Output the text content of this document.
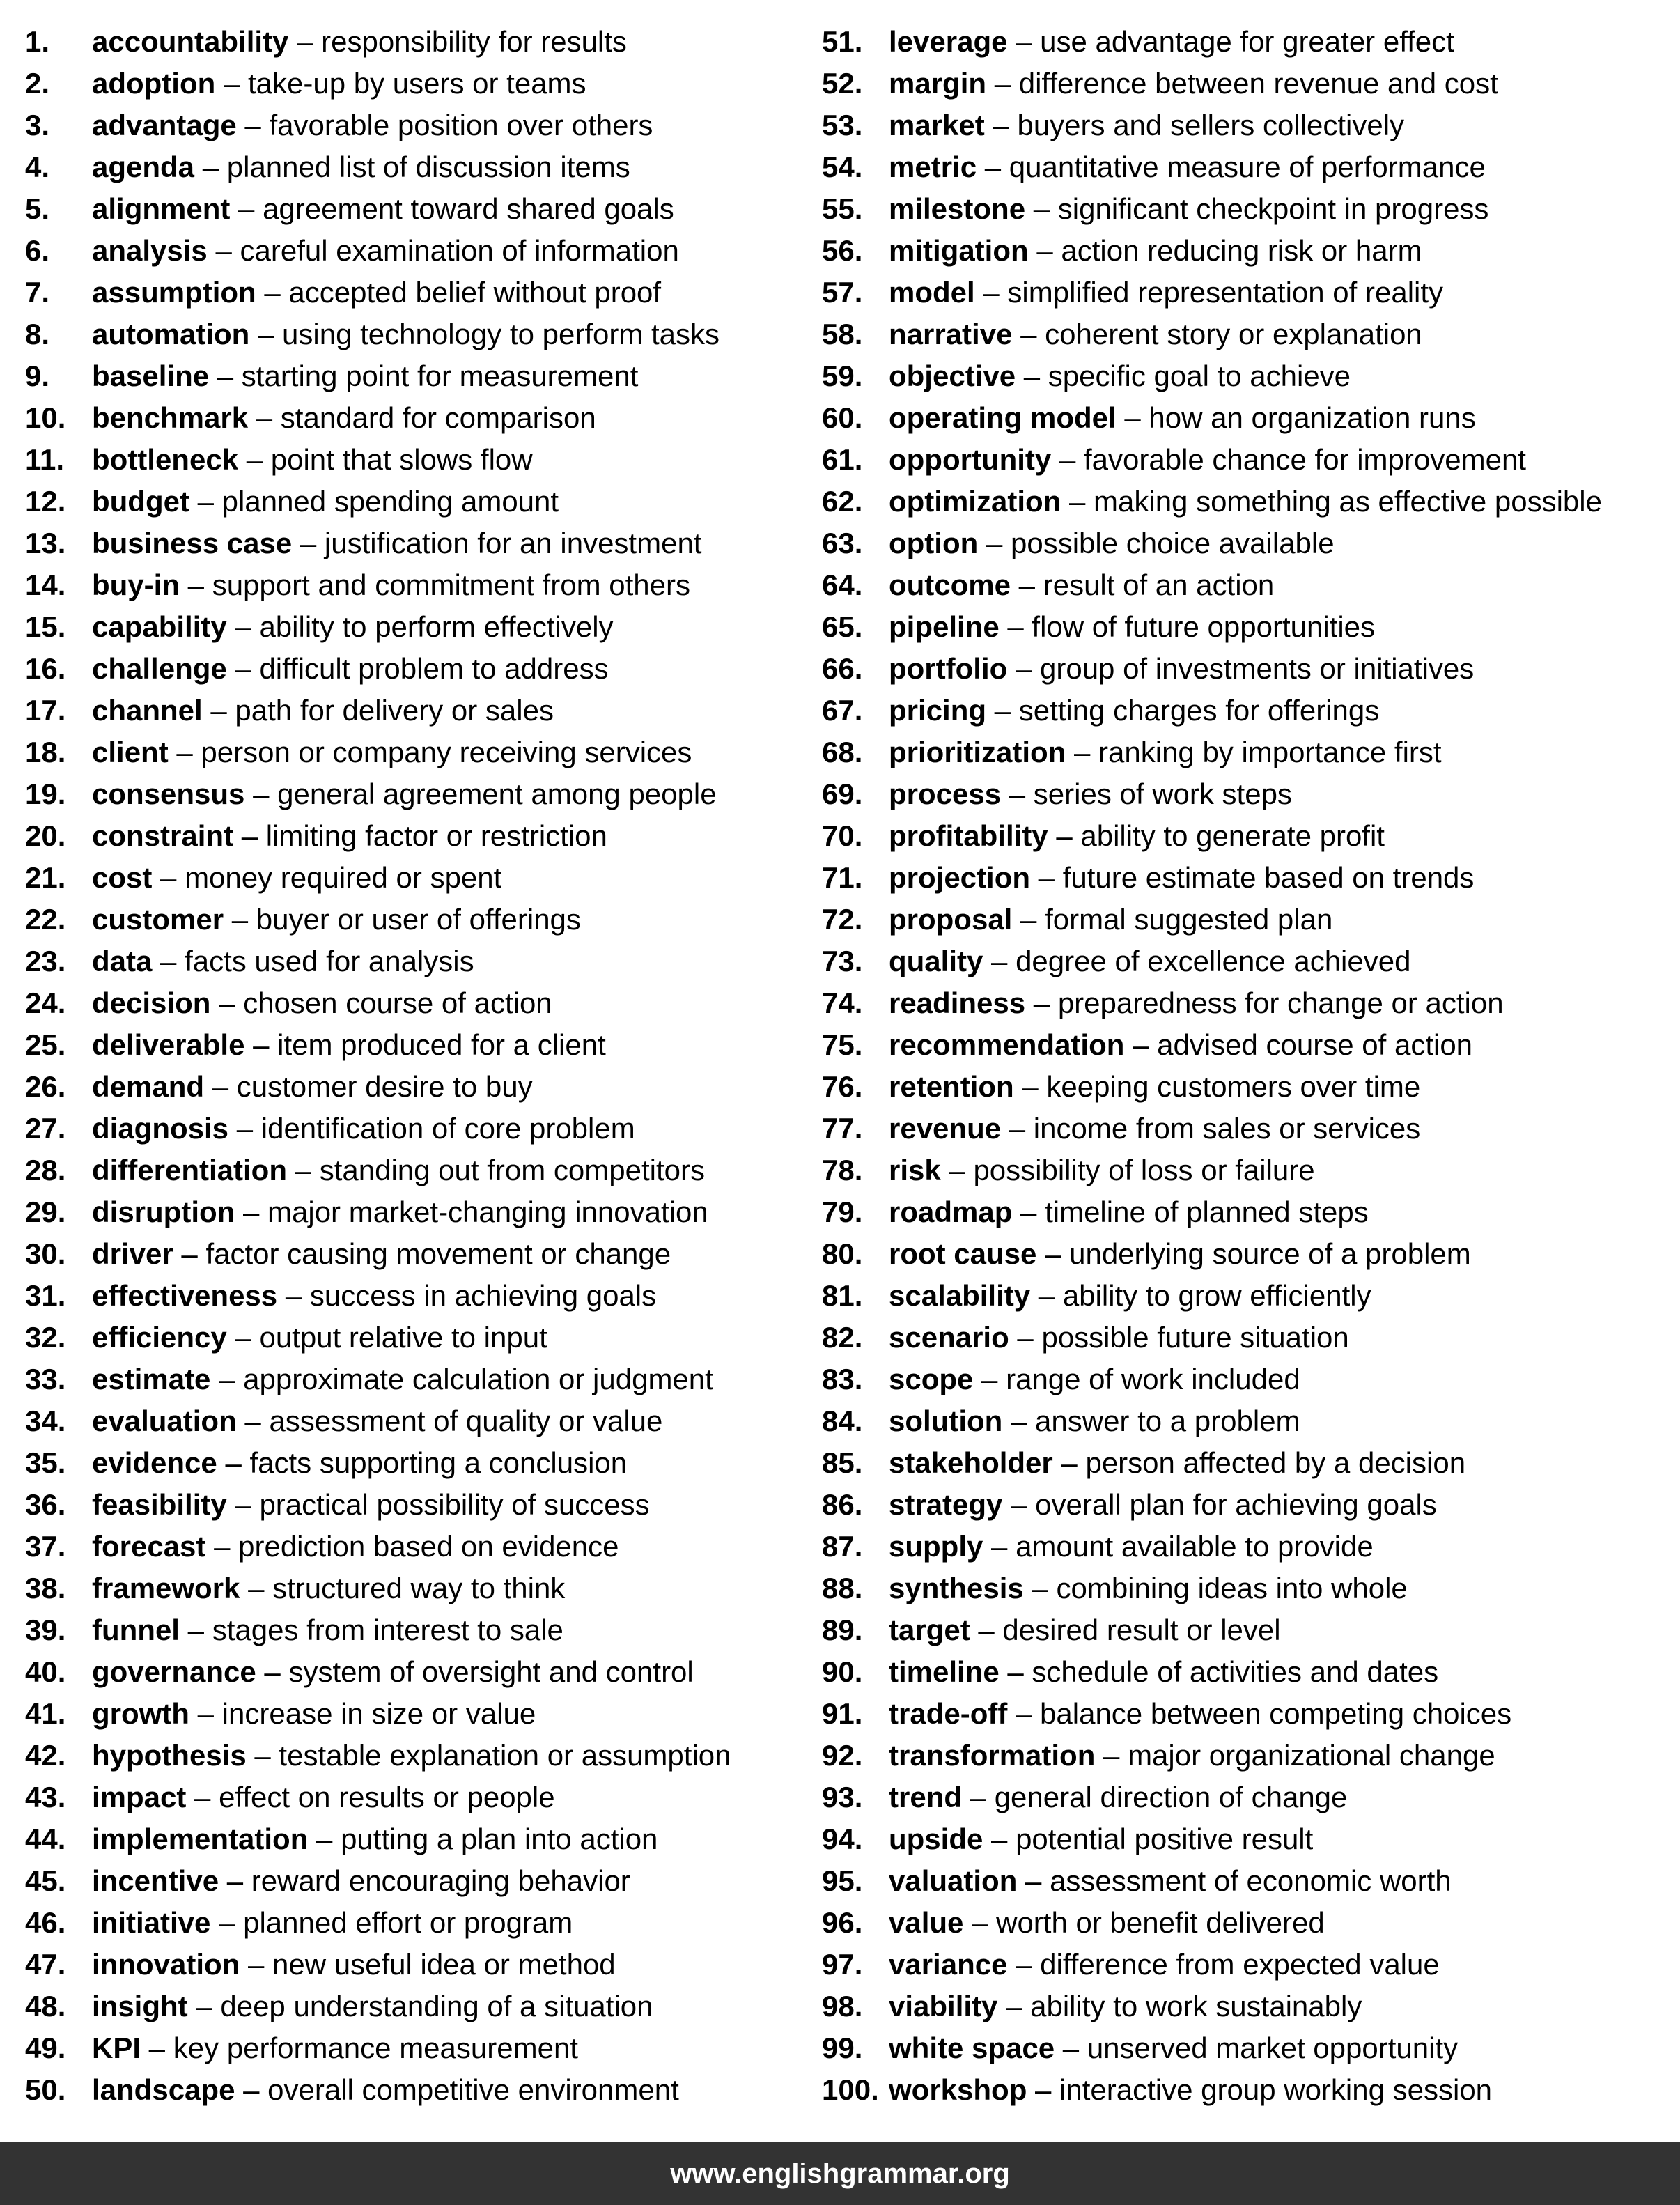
1.	accountability – responsibility for results
2.	adoption – take-up by users or teams
3.	advantage – favorable position over others
4.	agenda – planned list of discussion items
5.	alignment – agreement toward shared goals
6.	analysis – careful examination of information
7.	assumption – accepted belief without proof
8.	automation – using technology to perform tasks
9.	baseline – starting point for measurement
10. benchmark – standard for comparison
11. bottleneck – point that slows flow
12. budget – planned spending amount
13. business case – justification for an investment
14. buy-in – support and commitment from others
15. capability – ability to perform effectively
16. challenge – difficult problem to address
17. channel – path for delivery or sales
18. client – person or company receiving services
19. consensus – general agreement among people
20. constraint – limiting factor or restriction
21. cost – money required or spent
22. customer – buyer or user of offerings
23. data – facts used for analysis
24. decision – chosen course of action
25. deliverable – item produced for a client
26. demand – customer desire to buy
27. diagnosis – identification of core problem
28. differentiation – standing out from competitors
29. disruption – major market-changing innovation
30. driver – factor causing movement or change
31. effectiveness – success in achieving goals
32. efficiency – output relative to input
33. estimate – approximate calculation or judgment
34. evaluation – assessment of quality or value
35. evidence – facts supporting a conclusion
36. feasibility – practical possibility of success
37. forecast – prediction based on evidence
38. framework – structured way to think
39. funnel – stages from interest to sale
40. governance – system of oversight and control
41. growth – increase in size or value
42. hypothesis – testable explanation or assumption
43. impact – effect on results or people
44. implementation – putting a plan into action
45. incentive – reward encouraging behavior
46. initiative – planned effort or program
47. innovation – new useful idea or method
48. insight – deep understanding of a situation
49. KPI – key performance measurement
50. landscape – overall competitive environment
51. leverage – use advantage for greater effect
52. margin – difference between revenue and cost
53. market – buyers and sellers collectively
54. metric – quantitative measure of performance
55. milestone – significant checkpoint in progress
56. mitigation – action reducing risk or harm
57. model – simplified representation of reality
58. narrative – coherent story or explanation
59. objective – specific goal to achieve
60. operating model – how an organization runs
61. opportunity – favorable chance for improvement
62. optimization – making something as effective possible
63. option – possible choice available
64. outcome – result of an action
65. pipeline – flow of future opportunities
66. portfolio – group of investments or initiatives
67. pricing – setting charges for offerings
68. prioritization – ranking by importance first
69. process – series of work steps
70. profitability – ability to generate profit
71. projection – future estimate based on trends
72. proposal – formal suggested plan
73. quality – degree of excellence achieved
74. readiness – preparedness for change or action
75. recommendation – advised course of action
76. retention – keeping customers over time
77. revenue – income from sales or services
78. risk – possibility of loss or failure
79. roadmap – timeline of planned steps
80. root cause – underlying source of a problem
81. scalability – ability to grow efficiently
82. scenario – possible future situation
83. scope – range of work included
84. solution – answer to a problem
85. stakeholder – person affected by a decision
86. strategy – overall plan for achieving goals
87. supply – amount available to provide
88. synthesis – combining ideas into whole
89. target – desired result or level
90. timeline – schedule of activities and dates
91. trade-off – balance between competing choices
92. transformation – major organizational change
93. trend – general direction of change
94. upside – potential positive result
95. valuation – assessment of economic worth
96. value – worth or benefit delivered
97. variance – difference from expected value
98. viability – ability to work sustainably
99. white space – unserved market opportunity
100. workshop – interactive group working session
www.englishgrammar.org
